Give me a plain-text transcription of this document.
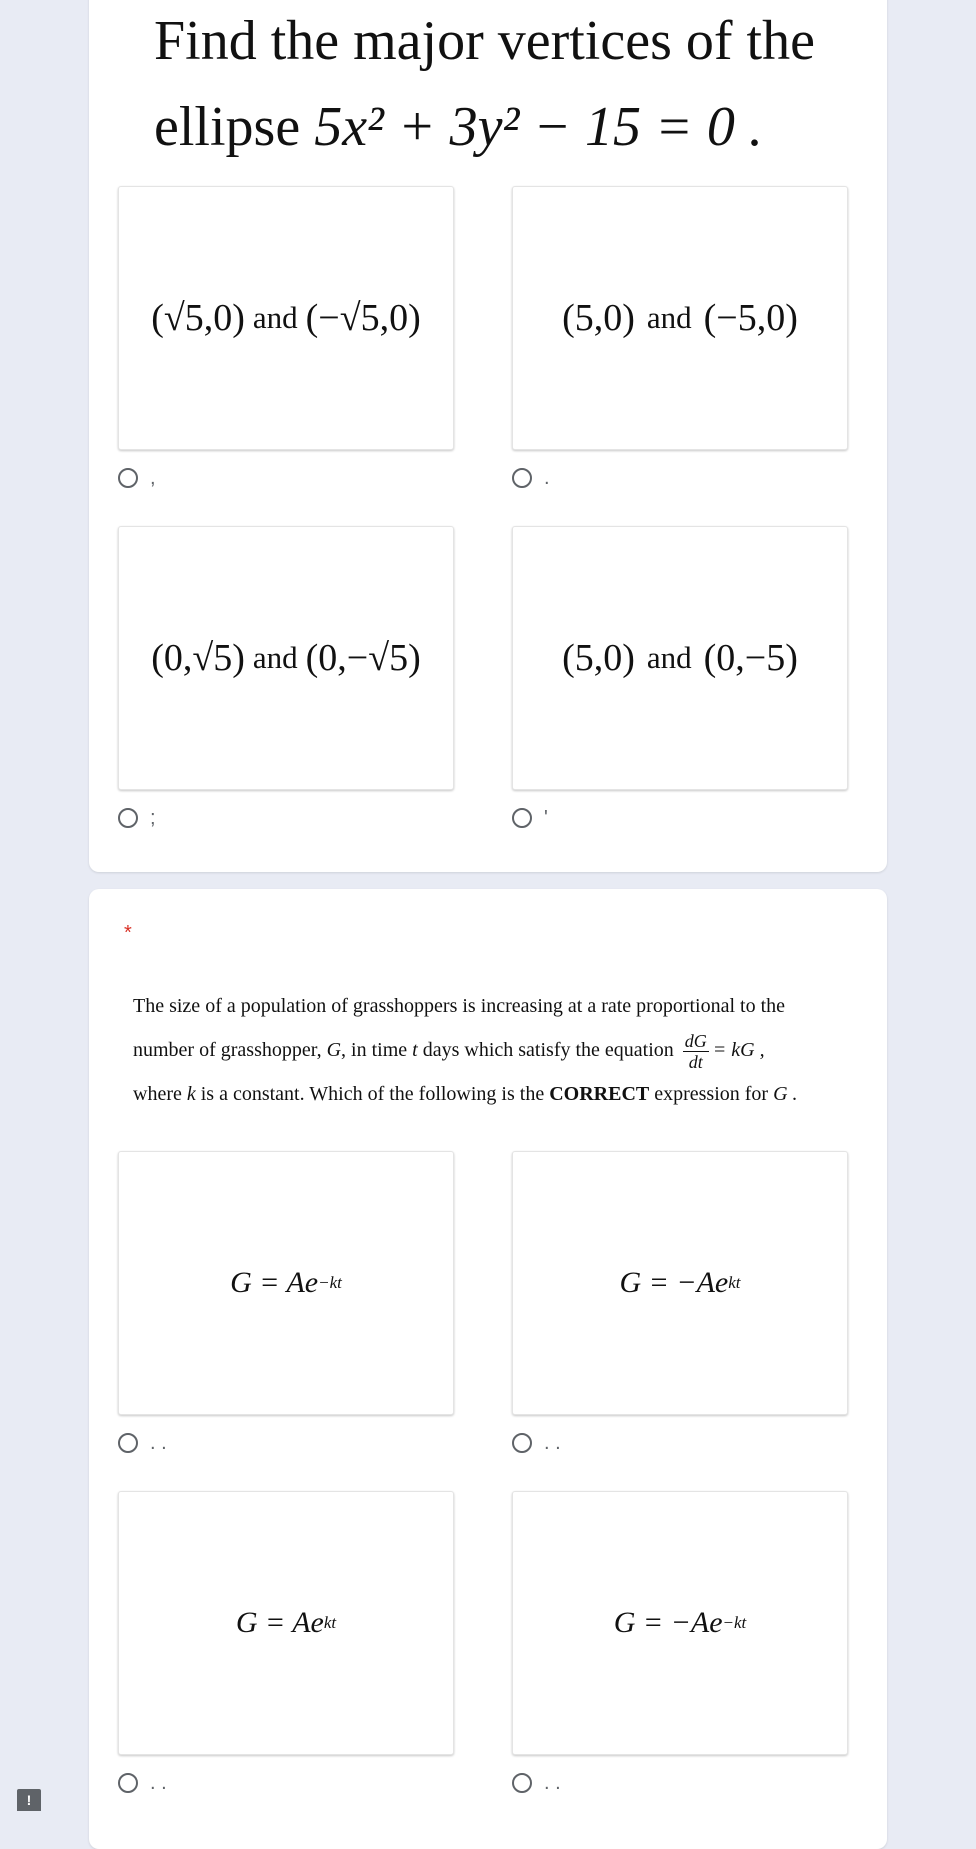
Find the major vertices of the ellipse 5x² + 3y² − 15 = 0 .
(√5,0) and (−√5,0)
,
(5,0) and (−5,0)
.
(0,√5) and (0,−√5)
;
(5,0) and (0,−5)
'
*
The size of a population of grasshoppers is increasing at a rate proportional to the
number of grasshopper, G, in time t days which satisfy the equation $\frac{dG}{dt}$ = kG ,
where k is a constant. Which of the following is the CORRECT expression for G .
G = Ae −kt
. .
G = −Ae kt
. .
G = Ae kt
. .
G = −Ae −kt
. .
!
